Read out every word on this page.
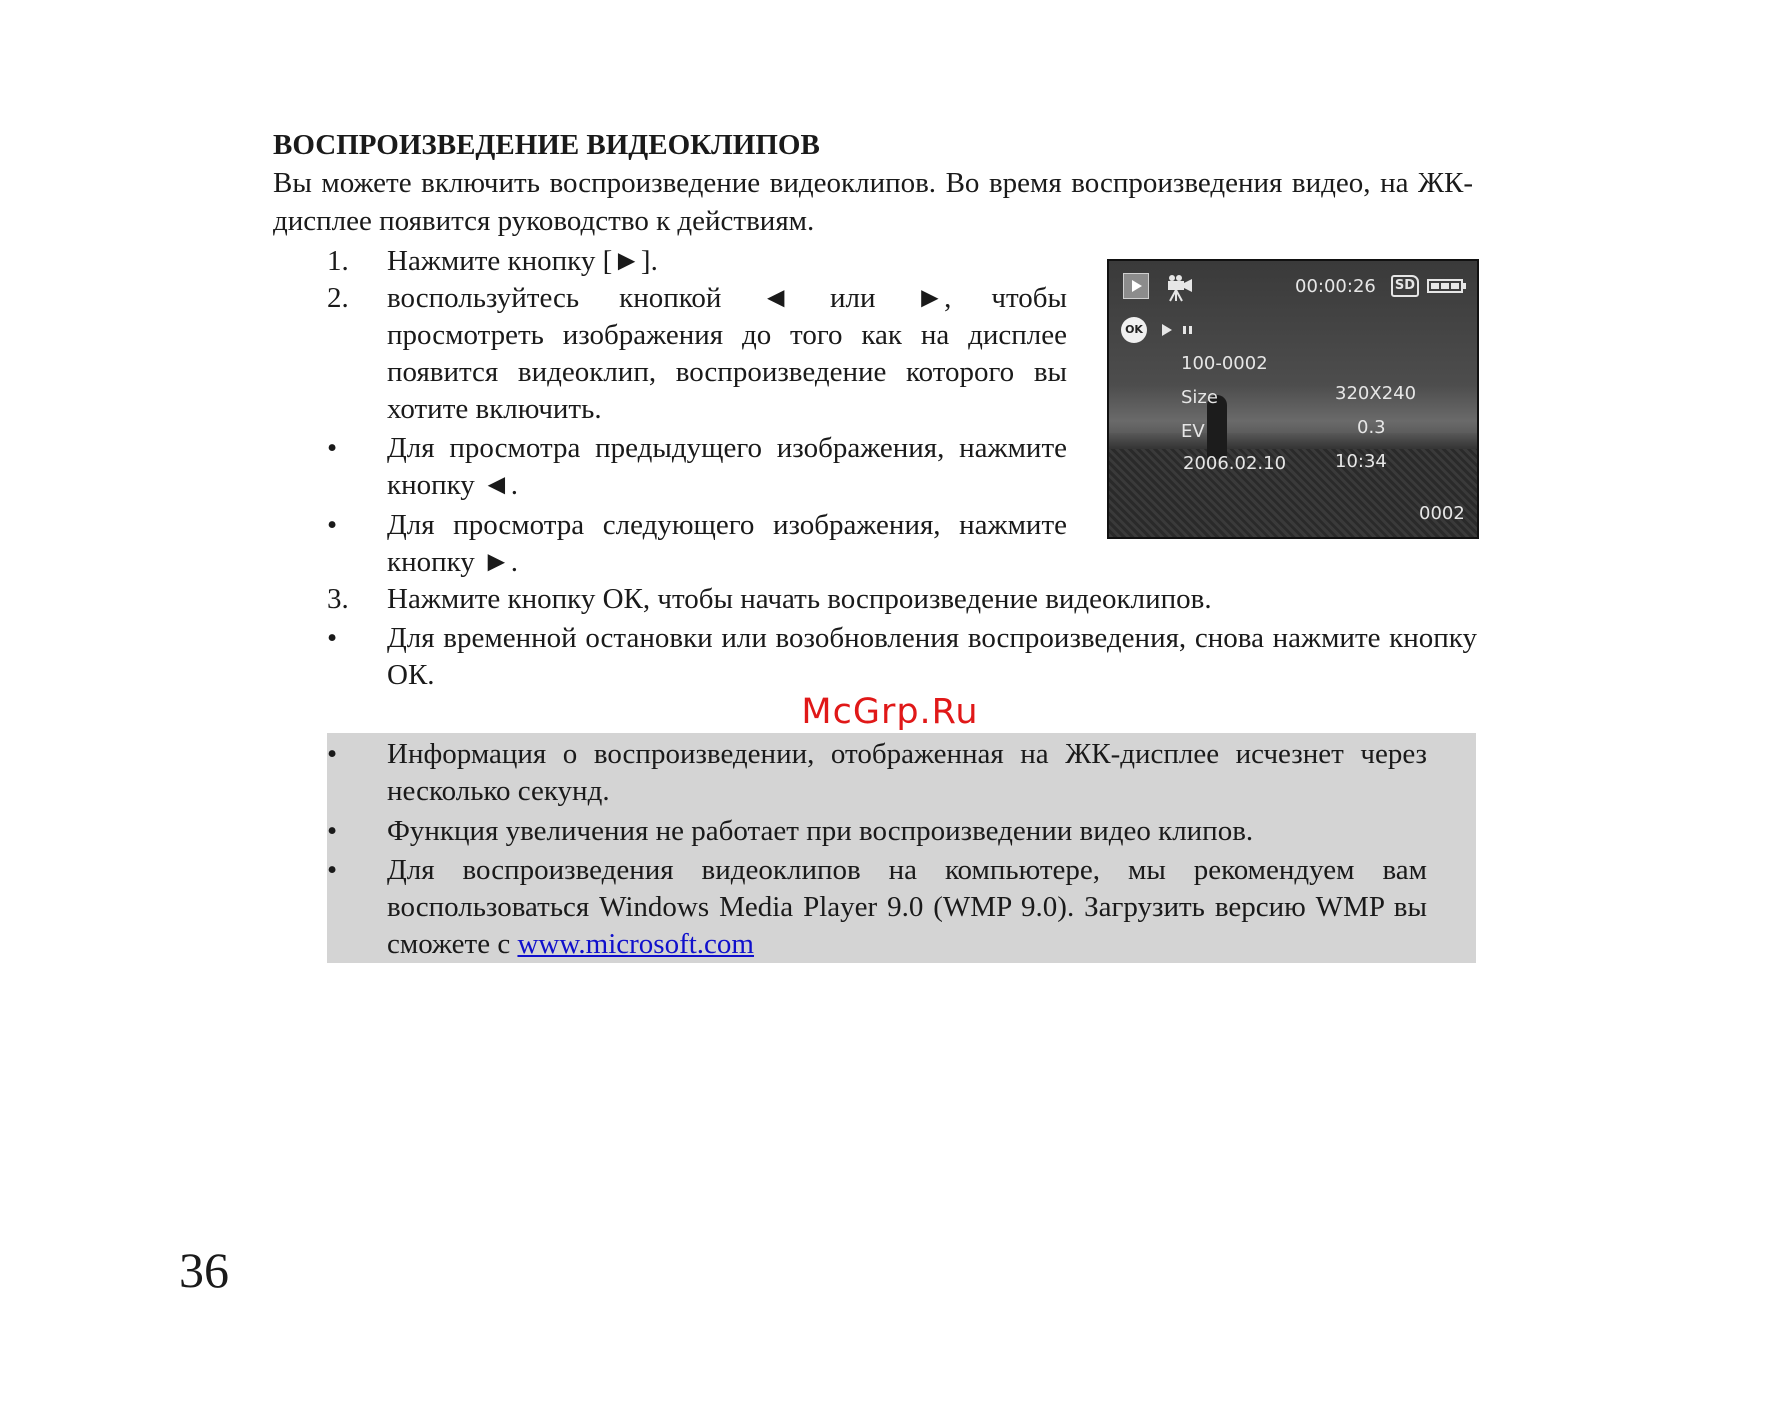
ВОСПРОИЗВЕДЕНИЕ ВИДЕОКЛИПОВ
Вы можете включить воспроизведение видеоклипов. Во время воспроизведения видео, на ЖК-дисплее появится руководство к действиям.
1.	Нажмите кнопку [►].
2.	воспользуйтесь кнопкой ◄ или ►, чтобы просмотреть изображения до того как на дисплее появится видеоклип, воспроизведение которого вы хотите включить.
•	Для просмотра предыдущего изображения, нажмите кнопку ◄.
•	Для просмотра следующего изображения, нажмите кнопку ►.
3.	Нажмите кнопку ОК, чтобы начать воспроизведение видеоклипов.
•	Для временной остановки или возобновления воспроизведения, снова нажмите кнопку ОК.
00:00:26	SD
OK
100-0002
Size	320X240
EV	0.3
2006.02.10	10:34
0002
McGrp.Ru
•	Информация о воспроизведении, отображенная на ЖК-дисплее исчезнет через несколько секунд.
•	Функция увеличения не работает при воспроизведении видео клипов.
•	Для воспроизведения видеоклипов на компьютере, мы рекомендуем вам воспользоваться Windows Media Player 9.0 (WMP 9.0). Загрузить версию WMP вы сможете с www.microsoft.com
36
